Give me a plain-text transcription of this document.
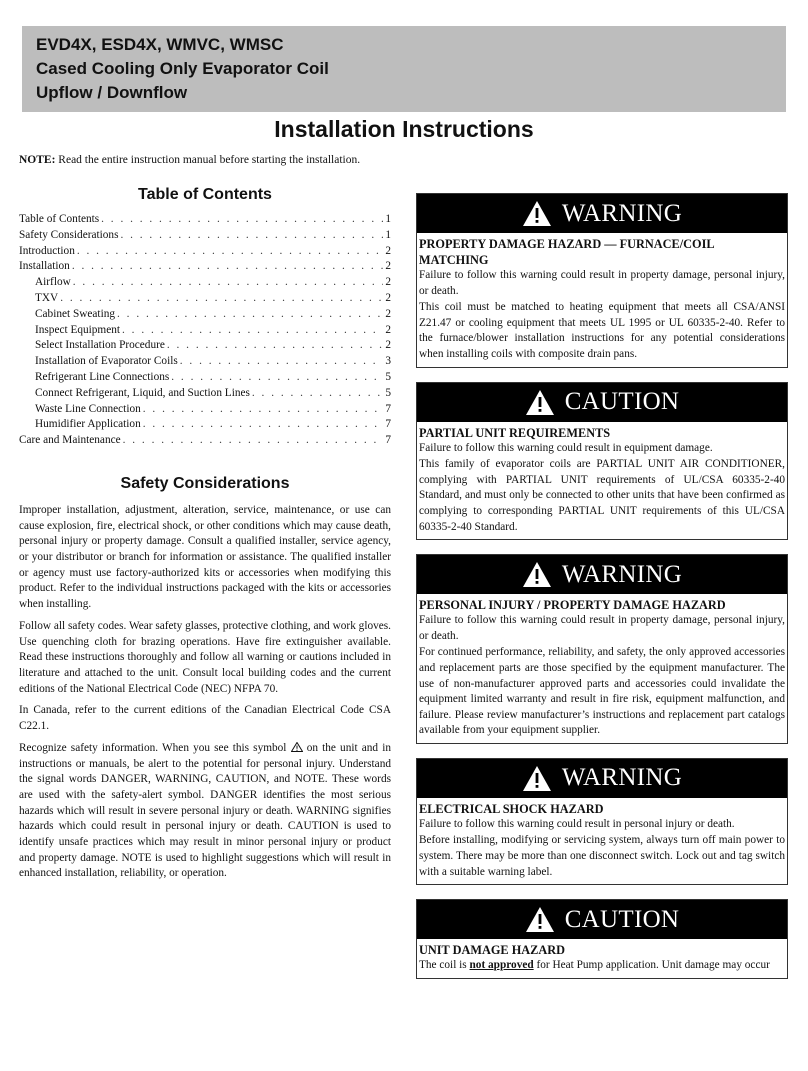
EVD4X, ESD4X, WMVC, WMSC
Cased Cooling Only Evaporator Coil
Upflow / Downflow
Installation Instructions
NOTE: Read the entire instruction manual before starting the installation.
Table of Contents
Table of Contents . . .	1
Safety Considerations . . .	1
Introduction . . .	2
Installation . . .	2
Airflow . . .	2
TXV . . .	2
Cabinet Sweating . . .	2
Inspect Equipment . . .	2
Select Installation Procedure . . .	2
Installation of Evaporator Coils . . .	3
Refrigerant Line Connections . . .	5
Connect Refrigerant, Liquid, and Suction Lines . . .	5
Waste Line Connection . . .	7
Humidifier Application . . .	7
Care and Maintenance . . .	7
Safety Considerations

Improper installation, adjustment, alteration, service, maintenance, or use can cause explosion, fire, electrical shock, or other conditions which may cause death, personal injury or property damage. Consult a qualified installer, service agency, or your distributor or branch for information or assistance. The qualified installer or agency must use factory-authorized kits or accessories when modifying this product. Refer to the individual instructions packaged with the kits or accessories when installing.

Follow all safety codes. Wear safety glasses, protective clothing, and work gloves. Use quenching cloth for brazing operations. Have fire extinguisher available. Read these instructions thoroughly and follow all warning or cautions included in literature and attached to the unit. Consult local building codes and the current editions of the National Electrical Code (NEC) NFPA 70.

In Canada, refer to the current editions of the Canadian Electrical Code CSA C22.1.

Recognize safety information. When you see this symbol  on the unit and in instructions or manuals, be alert to the potential for personal injury. Understand the signal words DANGER, WARNING, CAUTION, and NOTE. These words are used with the safety-alert symbol. DANGER identifies the most serious hazards which will result in severe personal injury or death. WARNING signifies hazards which could result in personal injury or death. CAUTION is used to identify unsafe practices which may result in minor personal injury or product and property damage. NOTE is used to highlight suggestions which will result in enhanced installation, reliability, or operation.

WARNING
PROPERTY DAMAGE HAZARD — FURNACE/COIL MATCHING

Failure to follow this warning could result in property damage, personal injury, or death.

This coil must be matched to heating equipment that meets all CSA/ANSI Z21.47 or cooling equipment that meets UL 1995 or UL 60335-2-40. Refer to the furnace/blower installation instructions for any potential considerations when installing coils with composite drain pans.

CAUTION
PARTIAL UNIT REQUIREMENTS

Failure to follow this warning could result in equipment damage.

This family of evaporator coils are PARTIAL UNIT AIR CONDITIONER, complying with PARTIAL UNIT requirements of UL/CSA 60335-2-40 Standard, and must only be connected to other units that have been confirmed as complying to corresponding PARTIAL UNIT requirements of this UL/CSA 60335-2-40 Standard.

WARNING
PERSONAL INJURY / PROPERTY DAMAGE HAZARD

Failure to follow this warning could result in property damage, personal injury, or death.

For continued performance, reliability, and safety, the only approved accessories and replacement parts are those specified by the equipment manufacturer. The use of non-manufacturer approved parts and accessories could invalidate the equipment limited warranty and result in fire risk, equipment malfunction, and failure. Please review manufacturer’s instructions and replacement part catalogs available from your equipment supplier.

WARNING
ELECTRICAL SHOCK HAZARD

Failure to follow this warning could result in personal injury or death.

Before installing, modifying or servicing system, always turn off main power to system. There may be more than one disconnect switch. Lock out and tag switch with a suitable warning label.

CAUTION
UNIT DAMAGE HAZARD

The coil is not approved for Heat Pump application. Unit damage may occur
